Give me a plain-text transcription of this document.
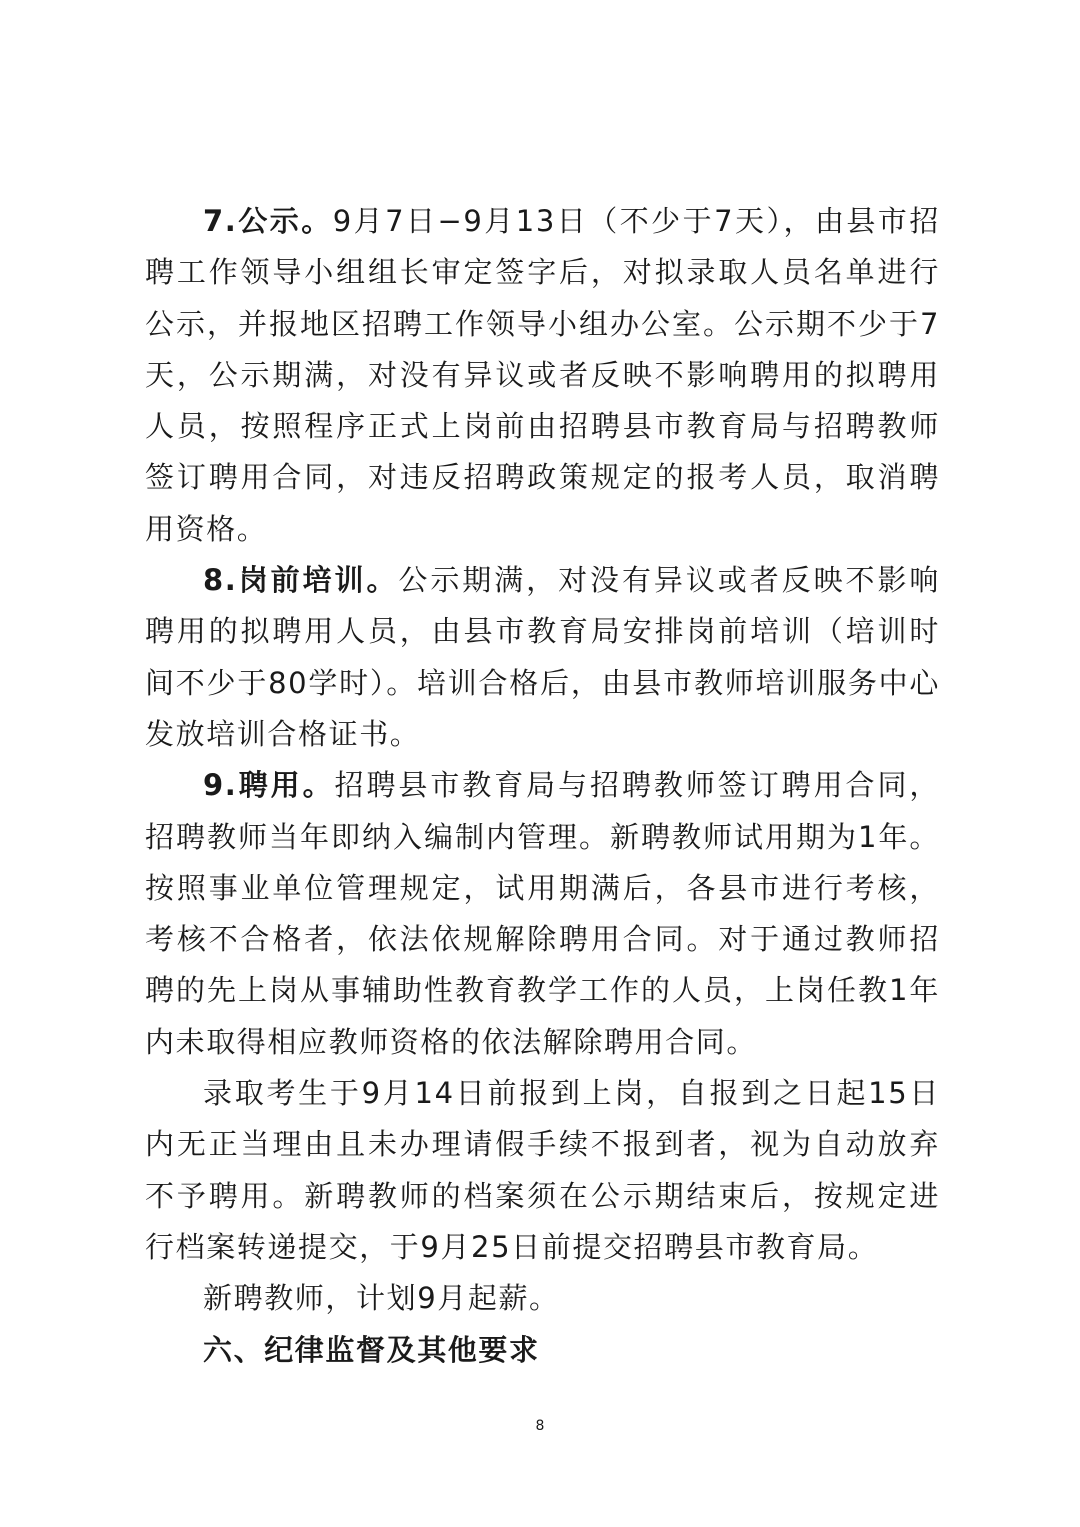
7.公示。9月7日−9月13日（不少于7天），由县市招聘工作领导小组组长审定签字后，对拟录取人员名单进行公示，并报地区招聘工作领导小组办公室。公示期不少于7天，公示期满，对没有异议或者反映不影响聘用的拟聘用人员，按照程序正式上岗前由招聘县市教育局与招聘教师签订聘用合同，对违反招聘政策规定的报考人员，取消聘用资格。

8.岗前培训。公示期满，对没有异议或者反映不影响聘用的拟聘用人员，由县市教育局安排岗前培训（培训时间不少于80学时）。培训合格后，由县市教师培训服务中心发放培训合格证书。

9.聘用。招聘县市教育局与招聘教师签订聘用合同，招聘教师当年即纳入编制内管理。新聘教师试用期为1年。按照事业单位管理规定，试用期满后，各县市进行考核，考核不合格者，依法依规解除聘用合同。对于通过教师招聘的先上岗从事辅助性教育教学工作的人员，上岗任教1年内未取得相应教师资格的依法解除聘用合同。

录取考生于9月14日前报到上岗，自报到之日起15日内无正当理由且未办理请假手续不报到者，视为自动放弃不予聘用。新聘教师的档案须在公示期结束后，按规定进行档案转递提交，于9月25日前提交招聘县市教育局。

新聘教师，计划9月起薪。

六、纪律监督及其他要求

8
